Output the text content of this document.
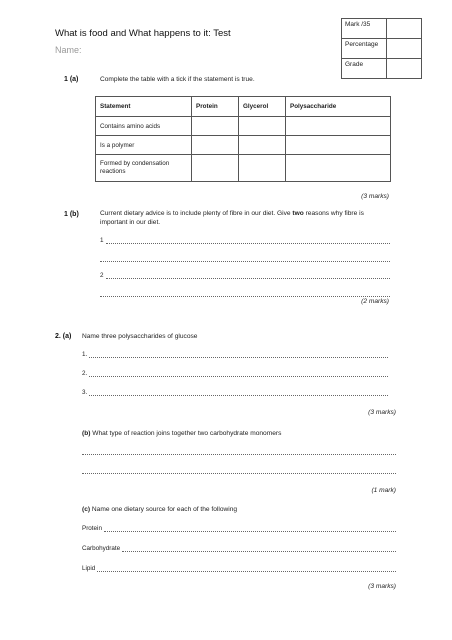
What is food and What happens to it: Test
Name:
Mark /35	
Percentage	
Grade	
1 (a)	Complete the table with a tick if the statement is true.
Statement	Protein	Glycerol	Polysaccharide
Contains amino acids			
Is a polymer			
Formed by condensation reactions			
(3 marks)
1 (b)	Current dietary advice is to include plenty of fibre in our diet. Give two reasons why fibre is important in our diet.
1
2
(2 marks)
2. (a) Name three polysaccharides of glucose
1.
2.
3.
(3 marks)
(b) What type of reaction joins together two carbohydrate monomers
(1 mark)
(c) Name one dietary source for each of the following
Protein
Carbohydrate
Lipid
(3 marks)
